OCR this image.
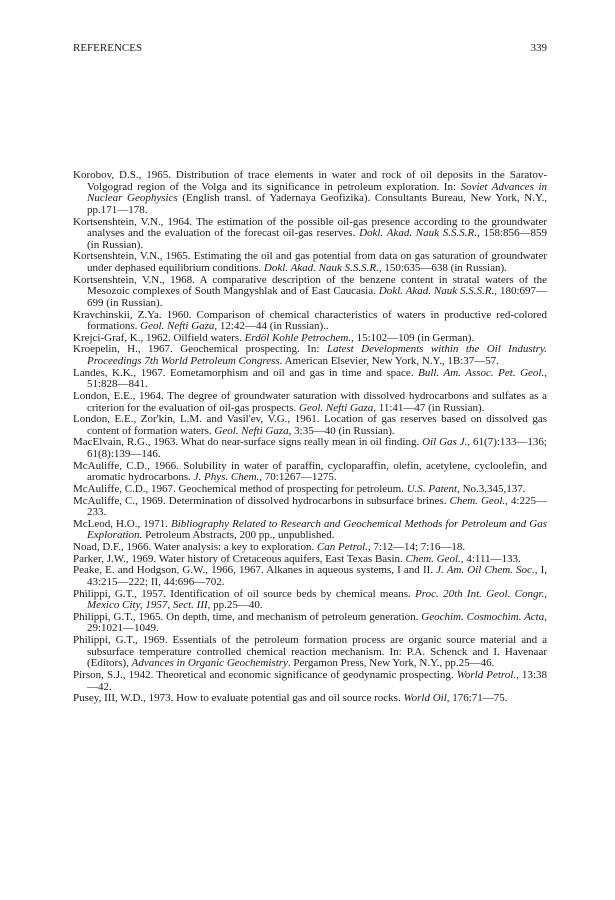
REFERENCES	339

Korobov, D.S., 1965. Distribution of trace elements in water and rock of oil deposits in the Saratov-Volgograd region of the Volga and its significance in petroleum exploration. In: Soviet Advances in Nuclear Geophysics (English transl. of Yadernaya Geofizika). Consultants Bureau, New York, N.Y., pp.171—178.

Kortsenshtein, V.N., 1964. The estimation of the possible oil-gas presence according to the groundwater analyses and the evaluation of the forecast oil-gas reserves. Dokl. Akad. Nauk S.S.S.R., 158:856—859 (in Russian).

Kortsenshtein, V.N., 1965. Estimating the oil and gas potential from data on gas saturation of groundwater under dephased equilibrium conditions. Dokl. Akad. Nauk S.S.S.R., 150:635—638 (in Russian).

Kortsenshtein, V.N., 1968. A comparative description of the benzene content in stratal waters of the Mesozoic complexes of South Mangyshlak and of East Caucasia. Dokl. Akad. Nauk S.S.S.R., 180:697—699 (in Russian).

Kravchinskii, Z.Ya. 1960. Comparison of chemical characteristics of waters in productive red-colored formations. Geol. Nefti Gaza, 12:42—44 (in Russian)..

Krejci-Graf, K., 1962. Oilfield waters. Erdöl Kohle Petrochem., 15:102—109 (in German).

Kroepelin, H., 1967. Geochemical prospecting. In: Latest Developments within the Oil Industry. Proceedings 7th World Petroleum Congress. American Elsevier, New York, N.Y., 1B:37—57.

Landes, K.K., 1967. Eometamorphism and oil and gas in time and space. Bull. Am. Assoc. Pet. Geol., 51:828—841.

London, E.E., 1964. The degree of groundwater saturation with dissolved hydrocarbons and sulfates as a criterion for the evaluation of oil-gas prospects. Geol. Nefti Gaza, 11:41—47 (in Russian).

London, E.E., Zor'kin, L.M. and Vasil'ev, V.G., 1961. Location of gas reserves based on dissolved gas content of formation waters. Geol. Nefti Gaza, 3:35—40 (in Russian).

MacElvain, R.G., 1963. What do near-surface signs really mean in oil finding. Oil Gas J., 61(7):133—136; 61(8):139—146.

McAuliffe, C.D., 1966. Solubility in water of paraffin, cycloparaffin, olefin, acetylene, cycloolefin, and aromatic hydrocarbons. J. Phys. Chem., 70:1267—1275.

McAuliffe, C.D., 1967. Geochemical method of prospecting for petroleum. U.S. Patent, No.3,345,137.

McAuliffe, C., 1969. Determination of dissolved hydrocarbons in subsurface brines. Chem. Geol., 4:225—233.

McLeod, H.O., 1971. Bibliography Related to Research and Geochemical Methods for Petroleum and Gas Exploration. Petroleum Abstracts, 200 pp., unpublished.

Noad, D.F., 1966. Water analysis: a key to exploration. Can Petrol., 7:12—14; 7:16—18.

Parker, J.W., 1969. Water history of Cretaceous aquifers, East Texas Basin. Chem. Geol., 4:111—133.

Peake, E. and Hodgson, G.W., 1966, 1967. Alkanes in aqueous systems, I and II. J. Am. Oil Chem. Soc., I, 43:215—222; II, 44:696—702.

Philippi, G.T., 1957. Identification of oil source beds by chemical means. Proc. 20th Int. Geol. Congr., Mexico City, 1957, Sect. III, pp.25—40.

Philippi, G.T., 1965. On depth, time, and mechanism of petroleum generation. Geochim. Cosmochim. Acta, 29:1021—1049.

Philippi, G.T., 1969. Essentials of the petroleum formation process are organic source material and a subsurface temperature controlled chemical reaction mechanism. In: P.A. Schenck and I. Havenaar (Editors), Advances in Organic Geochemistry. Pergamon Press, New York, N.Y., pp.25—46.

Pirson, S.J., 1942. Theoretical and economic significance of geodynamic prospecting. World Petrol., 13:38—42.

Pusey, III, W.D., 1973. How to evaluate potential gas and oil source rocks. World Oil, 176:71—75.
